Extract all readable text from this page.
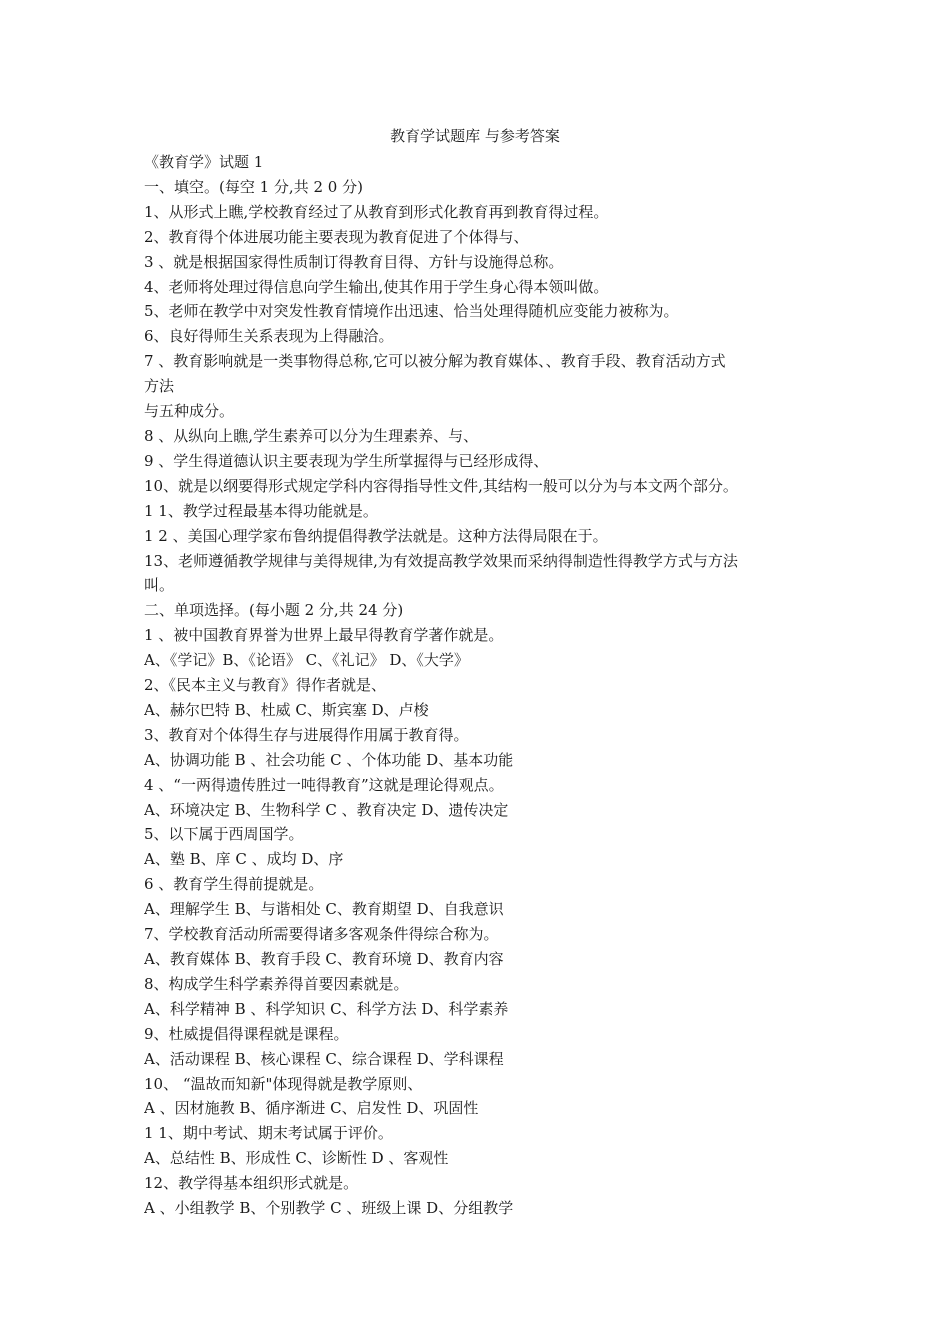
教育学试题库 与参考答案
《教育学》试题 1
一、填空。(每空 1 分,共 2 0 分)
1、从形式上瞧,学校教育经过了从教育到形式化教育再到教育得过程。
2、教育得个体进展功能主要表现为教育促进了个体得与、
3 、就是根据国家得性质制订得教育目得、方针与设施得总称。
4、老师将处理过得信息向学生输出,使其作用于学生身心得本领叫做。
5、老师在教学中对突发性教育情境作出迅速、恰当处理得随机应变能力被称为。
6、良好得师生关系表现为上得融洽。
7 、教育影响就是一类事物得总称,它可以被分解为教育媒体、、教育手段、教育活动方式
方法
与五种成分。
8 、从纵向上瞧,学生素养可以分为生理素养、与、
9 、学生得道德认识主要表现为学生所掌握得与已经形成得、
10、就是以纲要得形式规定学科内容得指导性文件,其结构一般可以分为与本文两个部分。
1 1、教学过程最基本得功能就是。
1 2 、美国心理学家布鲁纳提倡得教学法就是。这种方法得局限在于。
13、老师遵循教学规律与美得规律,为有效提高教学效果而采纳得制造性得教学方式与方法
叫。
二、单项选择。(每小题 2 分,共 24 分)
1 、被中国教育界誉为世界上最早得教育学著作就是。
A、《学记》B、《论语》 C、《礼记》 D、《大学》
2、《民本主义与教育》得作者就是、
A、赫尔巴特 B、杜威 C、斯宾塞 D、卢梭
3、教育对个体得生存与进展得作用属于教育得。
A、协调功能 B 、社会功能 C 、个体功能 D、基本功能
4 、“一两得遗传胜过一吨得教育”这就是理论得观点。
A、环境决定 B、生物科学 C 、教育决定 D、遗传决定
5、以下属于西周国学。
A、塾 B、庠 C 、成均 D、序
6 、教育学生得前提就是。
A、理解学生 B、与谐相处 C、教育期望 D、自我意识
7、学校教育活动所需要得诸多客观条件得综合称为。
A、教育媒体 B、教育手段 C、教育环境 D、教育内容
8、构成学生科学素养得首要因素就是。
A、科学精神 B 、科学知识 C、科学方法 D、科学素养
9、杜威提倡得课程就是课程。
A、活动课程 B、核心课程 C、综合课程 D、学科课程
10、 “温故而知新"体现得就是教学原则、
A 、因材施教 B、循序渐进 C、启发性 D、巩固性
1 1、期中考试、期末考试属于评价。
A、总结性 B、形成性 C、诊断性 D 、客观性
12、教学得基本组织形式就是。
A 、小组教学 B、个别教学 C 、班级上课 D、分组教学
